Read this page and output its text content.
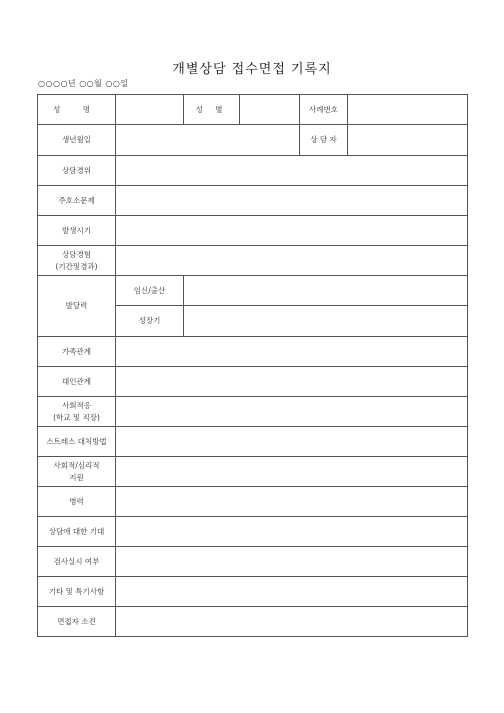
개별상담 접수면접 기록지
○○○○년 ○○월 ○○일
성 명		성 별		사례번호	
생년월일				상 담 자	
상담경위					
주호소문제					
발생시기					

상담경험
(기간및경과)					

발달력	임신/출산				
	성장기				
가족관계					
대인관계					

사회적응
(학교 및 직장)					

스트레스 대처방법					

사회적/심리적
지원					

병력					
상담에 대한 기대					
검사실시 여부					
기타 및 특기사항					
면접자 소견					
